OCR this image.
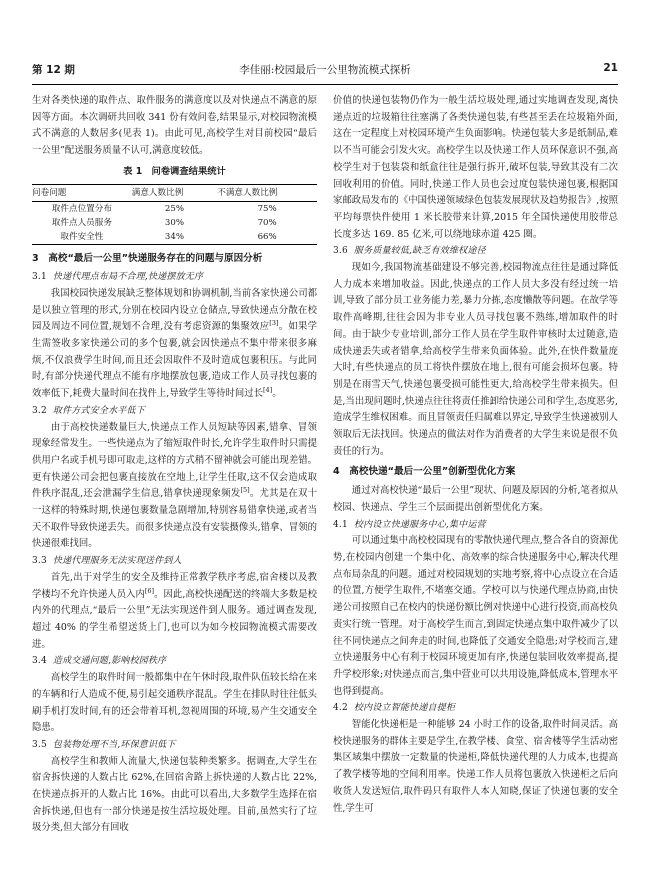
第 12 期	李佳丽:校园最后一公里物流模式探析	21

生对各类快递的取件点、取件服务的满意度以及对快递点不满意的原因等方面。本次调研共回收 341 份有效问卷,结果显示,对校园物流模式不满意的人数居多(见表 1)。由此可见,高校学生对目前校园“最后一公里”配送服务质量不认可,满意度较低。

表 1　问卷调查结果统计
问卷问题	满意人数比例	不满意人数比例
取件点位置分布	25%	75%
取件点人员服务	30%	70%
取件安全性	34%	66%
3　高校“最后一公里”快递服务存在的问题与原因分析
3.1 快递代理点布局不合理,快递摆放无序

我国校园快递发展缺乏整体规划和协调机制,当前各家快递公司都是以独立管理的形式,分别在校园内设立仓储点,导致快递点分散在校园及周边不同位置,规划不合理,没有考虑资源的集聚效应[3]。如果学生需签收多家快递公司的多个包裹,就会因快递点不集中带来很多麻烦,不仅浪费学生时间,而且还会因取件不及时造成包裹积压。与此同时,有部分快递代理点不能有序地摆放包裹,造成工作人员寻找包裹的效率低下,耗费大量时间在找件上,导致学生等待时间过长[4]。

3.2 取件方式安全水平低下

由于高校快递数量巨大,快递点工作人员短缺等因素,错拿、冒领现象经常发生。一些快递点为了缩短取件时长,允许学生取件时只需提供用户名或手机号即可取走,这样的方式稍不留神就会可能出现差错。更有快递公司会把包裹直接放在空地上,让学生任取,这不仅会造成取件秩序混乱,还会泄漏学生信息,错拿快递现象频发[5]。尤其是在双十一这样的特殊时期,快递包裹数量急剧增加,特别容易错拿快递,或者当天不取件导致快递丢失。而很多快递点没有安装摄像头,错拿、冒领的快递很难找回。

3.3 快递代理服务无法实现送件到人

首先,出于对学生的安全及维持正常教学秩序考虑,宿舍楼以及教学楼均不允许快递人员入内[6]。因此,高校快递配送的终端大多数是校内外的代理点,“最后一公里”无法实现送件到人服务。通过调查发现,超过 40% 的学生希望送货上门,也可以为如今校园物流模式需要改进。

3.4 造成交通问题,影响校园秩序

高校学生的取件时间一般都集中在午休时段,取件队伍较长给在来的车辆和行人造成不便,易引起交通秩序混乱。学生在排队时往往低头刷手机打发时间,有的还会带着耳机,忽视周围的环境,易产生交通安全隐患。

3.5 包装物处理不当,环保意识低下

高校学生和教师人流量大,快递包装种类繁多。据调查,大学生在宿舍拆快递的人数占比 62%,在回宿舍路上拆快递的人数占比 22%,在快递点拆开的人数占比 16%。由此可以看出,大多数学生选择在宿舍拆快递,但也有一部分快递是按生活垃圾处理。目前,虽然实行了垃圾分类,但大部分有回收

价值的快递包装物仍作为一般生活垃圾处理,通过实地调查发现,离快递点近的垃圾箱往往塞满了各类快递包装,有些甚至丢在垃圾箱外面,这在一定程度上对校园环境产生负面影响。快递包装大多是纸制品,难以不当可能会引发火灾。高校学生以及快递工作人员环保意识不强,高校学生对于包装袋和纸盒往往是强行拆开,破坏包装,导致其没有二次回收利用的价值。同时,快递工作人员也会过度包装快递包裹,根据国家邮政局发布的《中国快递领域绿色包装发展现状及趋势报告》,按照平均每票快件使用 1 米长胶带来计算,2015 年全国快递使用胶带总长度多达 169. 85 亿米,可以绕地球赤道 425 圈。

3.6 服务质量较低,缺乏有效维权途径

现如今,我国物流基础建设不够完善,校园物流点往往是通过降低人力成本来增加收益。因此,快递点的工作人员大多没有经过统一培训,导致了部分员工业务能力差,暴力分拣,态度懒散等问题。在故学等取件高峰期,往往会因为非专业人员寻找包裹不熟练,增加取件的时间。由于缺少专业培训,部分工作人员在学生取件审核时太过随意,造成快递丢失或者错拿,给高校学生带来负面体验。此外,在快件数量庞大时,有些快递点的员工将快件摆放在地上,很有可能会损坏包裹。特别是在雨雪天气,快递包裹受损可能性更大,给高校学生带来损失。但是,当出现问题时,快递点往往将责任推卸给快递公司和学生,态度恶劣,造成学生维权困难。而且冒领责任归属难以界定,导致学生快递被别人领取后无法找回。快递点的做法对作为消费者的大学生来说是很不负责任的行为。

4　高校快递“最后一公里”创新型优化方案

通过对高校快递“最后一公里”现状、问题及原因的分析,笔者拟从校园、快递点、学生三个层面提出创新型优化方案。

4.1 校内设立快递服务中心,集中运营

可以通过集中高校校园现有的零散快递代理点,整合各自的资源优势,在校园内创建一个集中化、高效率的综合快递服务中心,解决代理点布局杂乱的问题。通过对校园规划的实地考察,将中心点设立在合适的位置,方便学生取件,不堵塞交通。学校可以与快递代理点协商,由快递公司按照自己在校内的快递份额比例对快递中心进行投资,而高校负责实行统一管理。对于高校学生而言,到固定快递点集中取件减少了以往不同快递点之间奔走的时间,也降低了交通安全隐患;对学校而言,建立快递服务中心有利于校园环境更加有序,快递包装回收效率提高,提升学校形象;对快递点而言,集中营业可以共用设施,降低成本,管理水平也得到提高。

4.2 校内设立智能快递自提柜

智能化快递柜是一种能够 24 小时工作的设备,取件时间灵活。高校快递服务的群体主要是学生,在教学楼、食堂、宿舍楼等学生活动密集区域集中摆放一定数量的快递柜,降低快递代理的人力成本,也提高了教学楼等地的空间利用率。快递工作人员将包裹放入快递柜之后向收货人发送短信,取件码只有取件人本人知晓,保证了快递包裹的安全性,学生可
